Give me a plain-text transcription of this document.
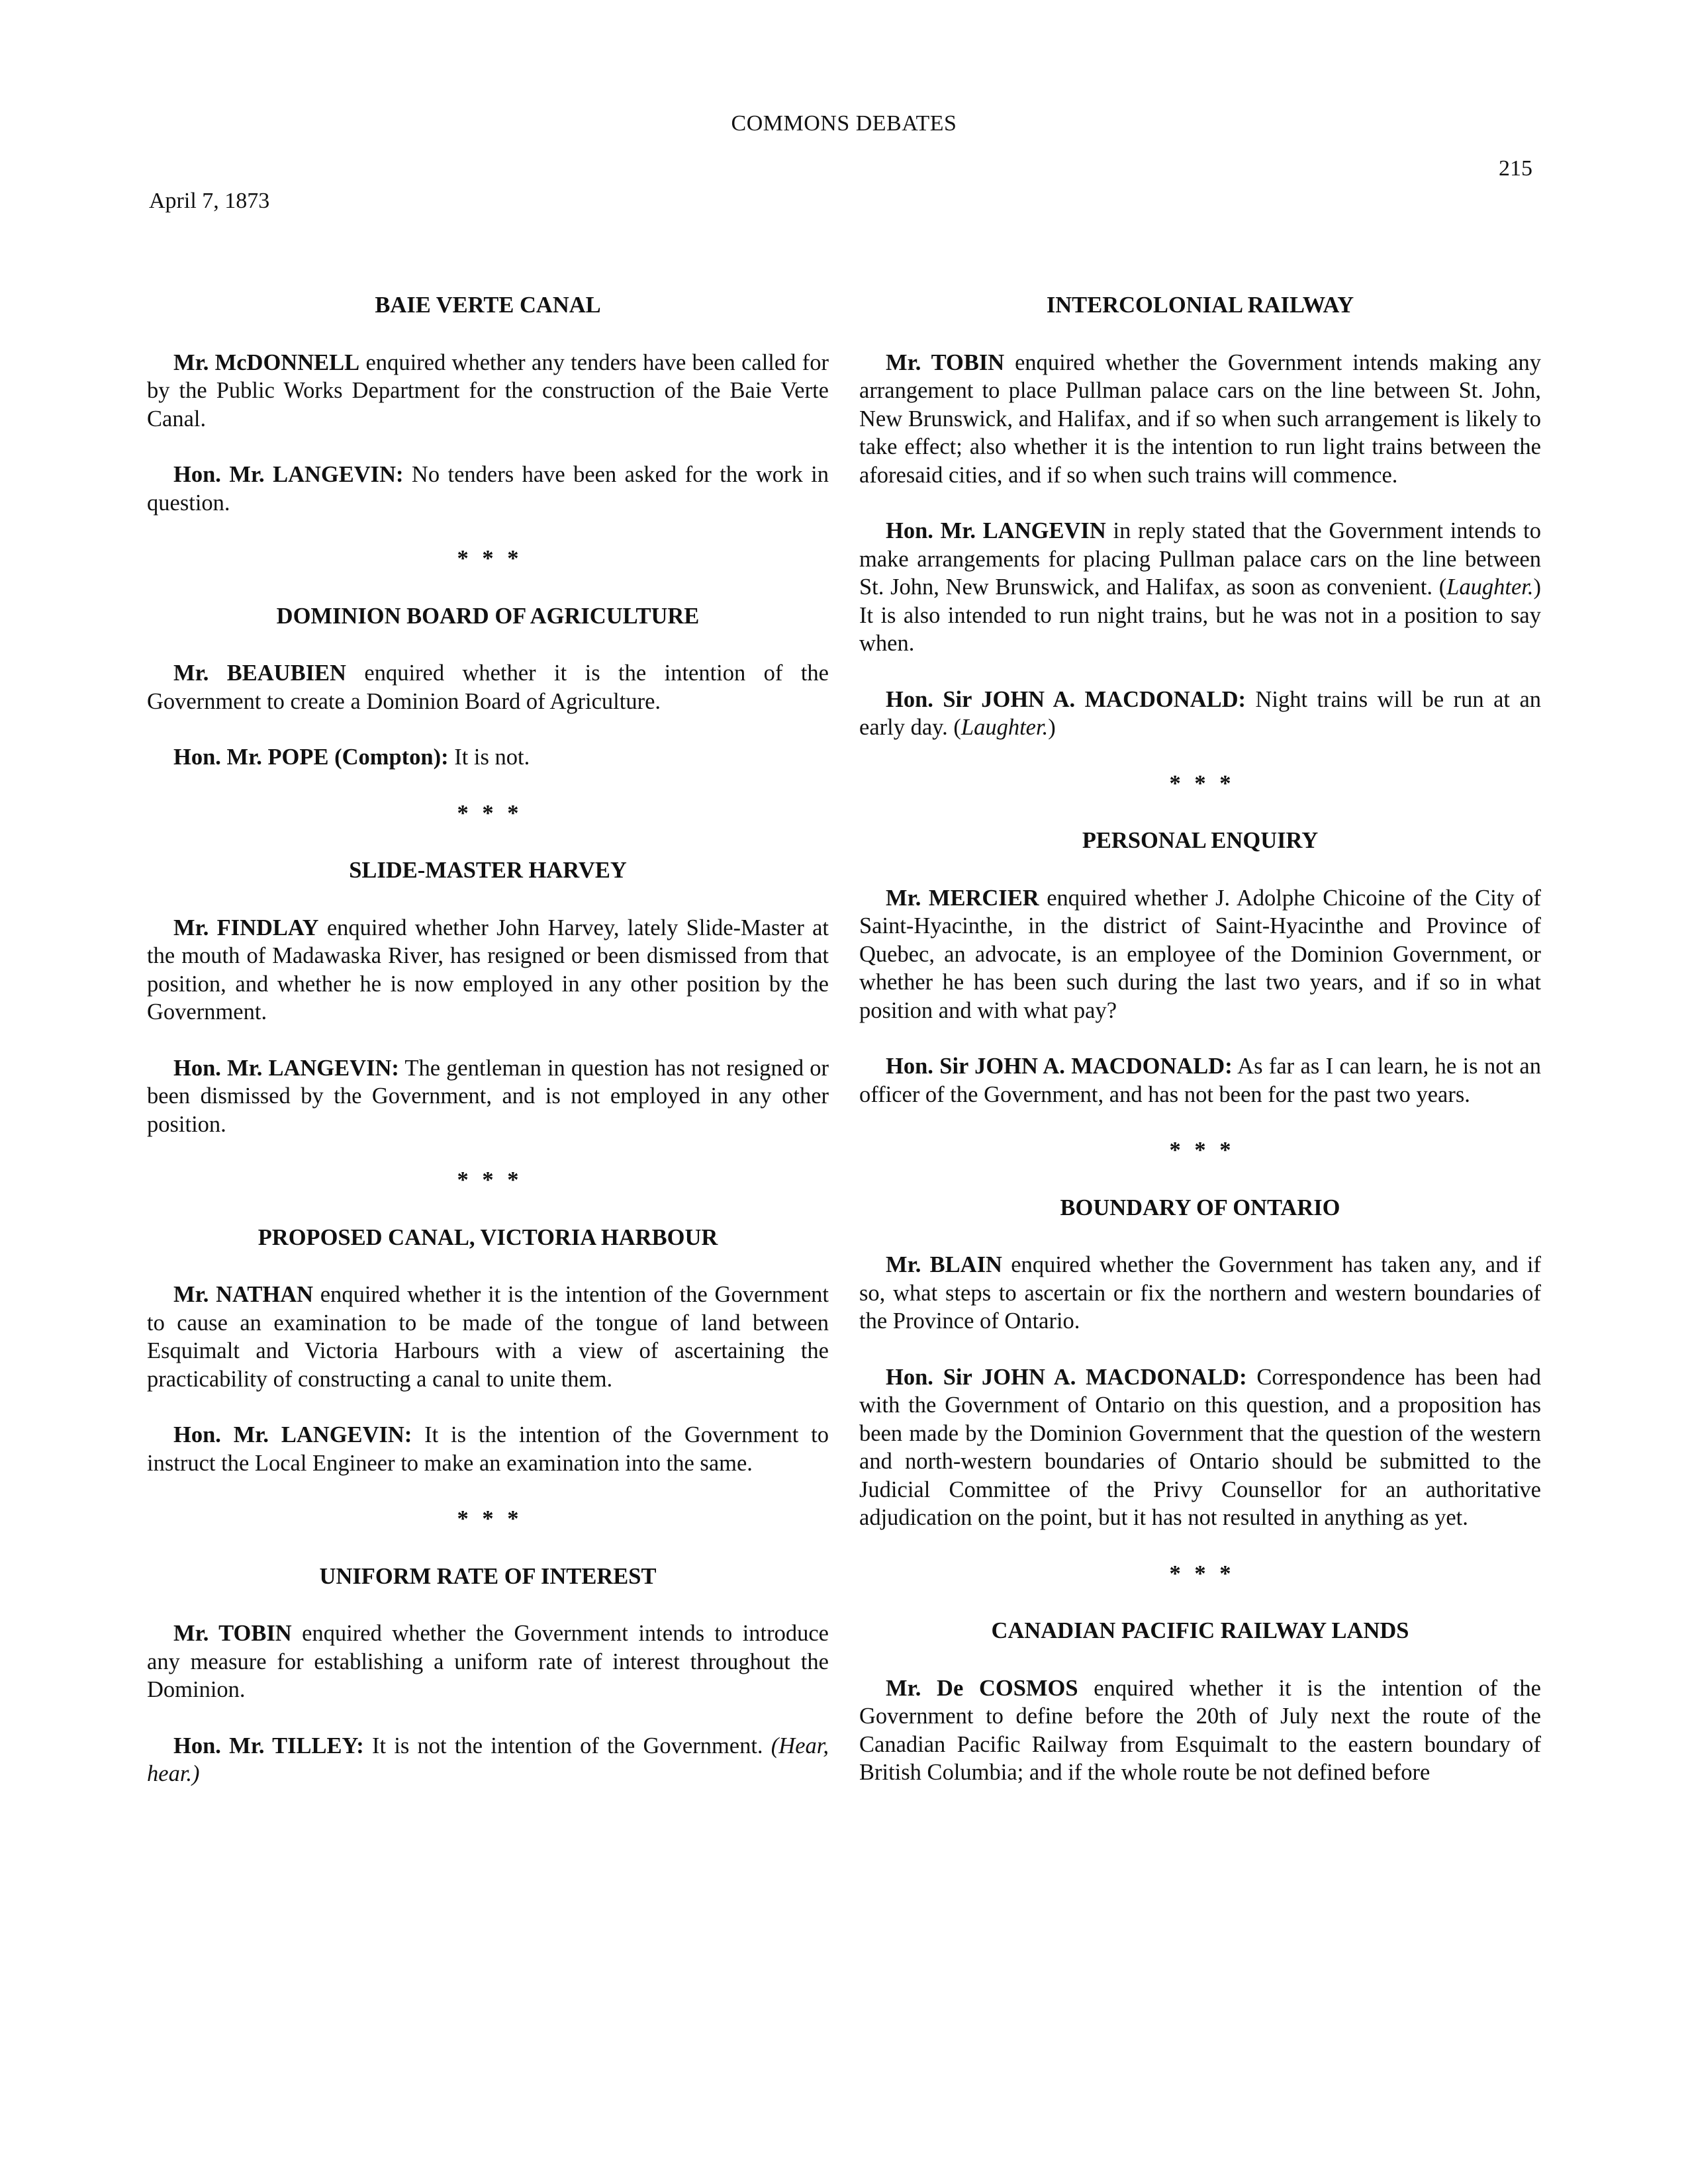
COMMONS DEBATES
215
April 7, 1873
BAIE VERTE CANAL

Mr. McDONNELL enquired whether any tenders have been called for by the Public Works Department for the construction of the Baie Verte Canal.

Hon. Mr. LANGEVIN: No tenders have been asked for the work in question.

* * *
DOMINION BOARD OF AGRICULTURE

Mr. BEAUBIEN enquired whether it is the intention of the Government to create a Dominion Board of Agriculture.

Hon. Mr. POPE (Compton): It is not.

* * *
SLIDE-MASTER HARVEY

Mr. FINDLAY enquired whether John Harvey, lately Slide-Master at the mouth of Madawaska River, has resigned or been dismissed from that position, and whether he is now employed in any other position by the Government.

Hon. Mr. LANGEVIN: The gentleman in question has not resigned or been dismissed by the Government, and is not employed in any other position.

* * *
PROPOSED CANAL, VICTORIA HARBOUR

Mr. NATHAN enquired whether it is the intention of the Government to cause an examination to be made of the tongue of land between Esquimalt and Victoria Harbours with a view of ascertaining the practicability of constructing a canal to unite them.

Hon. Mr. LANGEVIN: It is the intention of the Government to instruct the Local Engineer to make an examination into the same.

* * *
UNIFORM RATE OF INTEREST

Mr. TOBIN enquired whether the Government intends to introduce any measure for establishing a uniform rate of interest throughout the Dominion.

Hon. Mr. TILLEY: It is not the intention of the Government. (Hear, hear.)

INTERCOLONIAL RAILWAY

Mr. TOBIN enquired whether the Government intends making any arrangement to place Pullman palace cars on the line between St. John, New Brunswick, and Halifax, and if so when such arrangement is likely to take effect; also whether it is the intention to run light trains between the aforesaid cities, and if so when such trains will commence.

Hon. Mr. LANGEVIN in reply stated that the Government intends to make arrangements for placing Pullman palace cars on the line between St. John, New Brunswick, and Halifax, as soon as convenient. (Laughter.) It is also intended to run night trains, but he was not in a position to say when.

Hon. Sir JOHN A. MACDONALD: Night trains will be run at an early day. (Laughter.)

* * *
PERSONAL ENQUIRY

Mr. MERCIER enquired whether J. Adolphe Chicoine of the City of Saint-Hyacinthe, in the district of Saint-Hyacinthe and Province of Quebec, an advocate, is an employee of the Dominion Government, or whether he has been such during the last two years, and if so in what position and with what pay?

Hon. Sir JOHN A. MACDONALD: As far as I can learn, he is not an officer of the Government, and has not been for the past two years.

* * *
BOUNDARY OF ONTARIO

Mr. BLAIN enquired whether the Government has taken any, and if so, what steps to ascertain or fix the northern and western boundaries of the Province of Ontario.

Hon. Sir JOHN A. MACDONALD: Correspondence has been had with the Government of Ontario on this question, and a proposition has been made by the Dominion Government that the question of the western and north-western boundaries of Ontario should be submitted to the Judicial Committee of the Privy Counsellor for an authoritative adjudication on the point, but it has not resulted in anything as yet.

* * *
CANADIAN PACIFIC RAILWAY LANDS

Mr. De COSMOS enquired whether it is the intention of the Government to define before the 20th of July next the route of the Canadian Pacific Railway from Esquimalt to the eastern boundary of British Columbia; and if the whole route be not defined before
